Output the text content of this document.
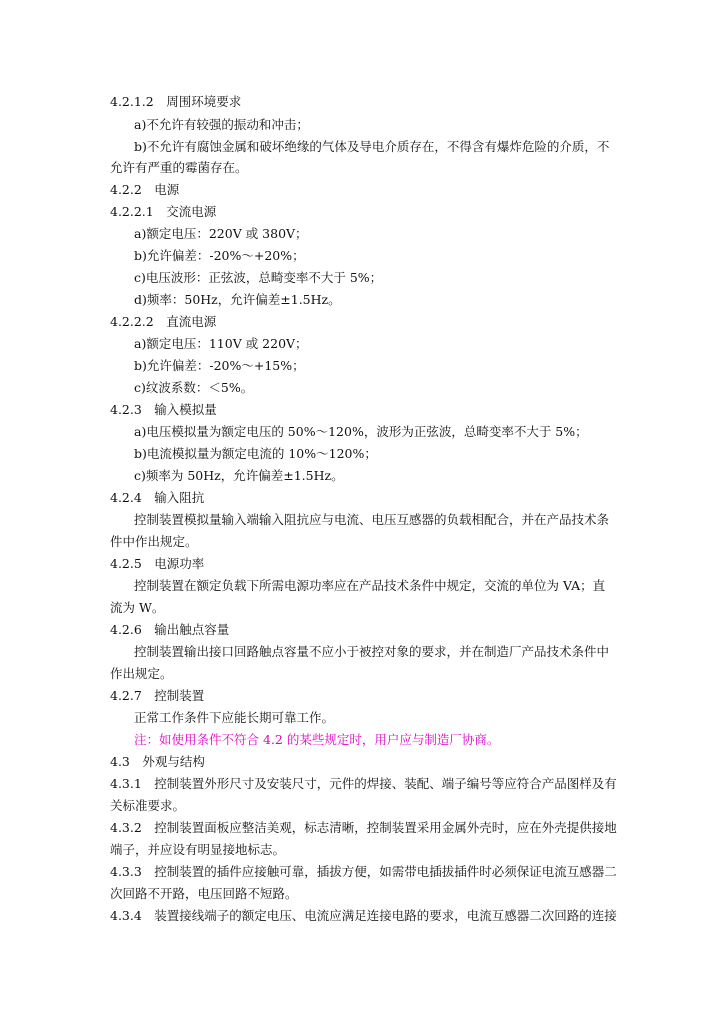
4.2.1.2　周围环境要求
a)不允许有较强的振动和冲击；
b)不允许有腐蚀金属和破坏绝缘的气体及导电介质存在，不得含有爆炸危险的介质，不
允许有严重的霉菌存在。
4.2.2　电源
4.2.2.1　交流电源
a)额定电压：220V 或 380V；
b)允许偏差：-20%～+20%；
c)电压波形：正弦波，总畸变率不大于 5%；
d)频率：50Hz，允许偏差±1.5Hz。
4.2.2.2　直流电源
a)额定电压：110V 或 220V；
b)允许偏差：-20%～+15%；
c)纹波系数：＜5%。
4.2.3　输入模拟量
a)电压模拟量为额定电压的 50%～120%，波形为正弦波，总畸变率不大于 5%；
b)电流模拟量为额定电流的 10%～120%；
c)频率为 50Hz，允许偏差±1.5Hz。
4.2.4　输入阻抗
控制装置模拟量输入端输入阻抗应与电流、电压互感器的负载相配合，并在产品技术条
件中作出规定。
4.2.5　电源功率
控制装置在额定负载下所需电源功率应在产品技术条件中规定，交流的单位为 VA；直
流为 W。
4.2.6　输出触点容量
控制装置输出接口回路触点容量不应小于被控对象的要求，并在制造厂产品技术条件中
作出规定。
4.2.7　控制装置
正常工作条件下应能长期可靠工作。
注：如使用条件不符合 4.2 的某些规定时，用户应与制造厂协商。
4.3　外观与结构
4.3.1　控制装置外形尺寸及安装尺寸，元件的焊接、装配、端子编号等应符合产品图样及有
关标准要求。
4.3.2　控制装置面板应整洁美观，标志清晰，控制装置采用金属外壳时，应在外壳提供接地
端子，并应设有明显接地标志。
4.3.3　控制装置的插件应接触可靠，插拔方便，如需带电插拔插件时必须保证电流互感器二
次回路不开路，电压回路不短路。
4.3.4　装置接线端子的额定电压、电流应满足连接电路的要求，电流互感器二次回路的连接
